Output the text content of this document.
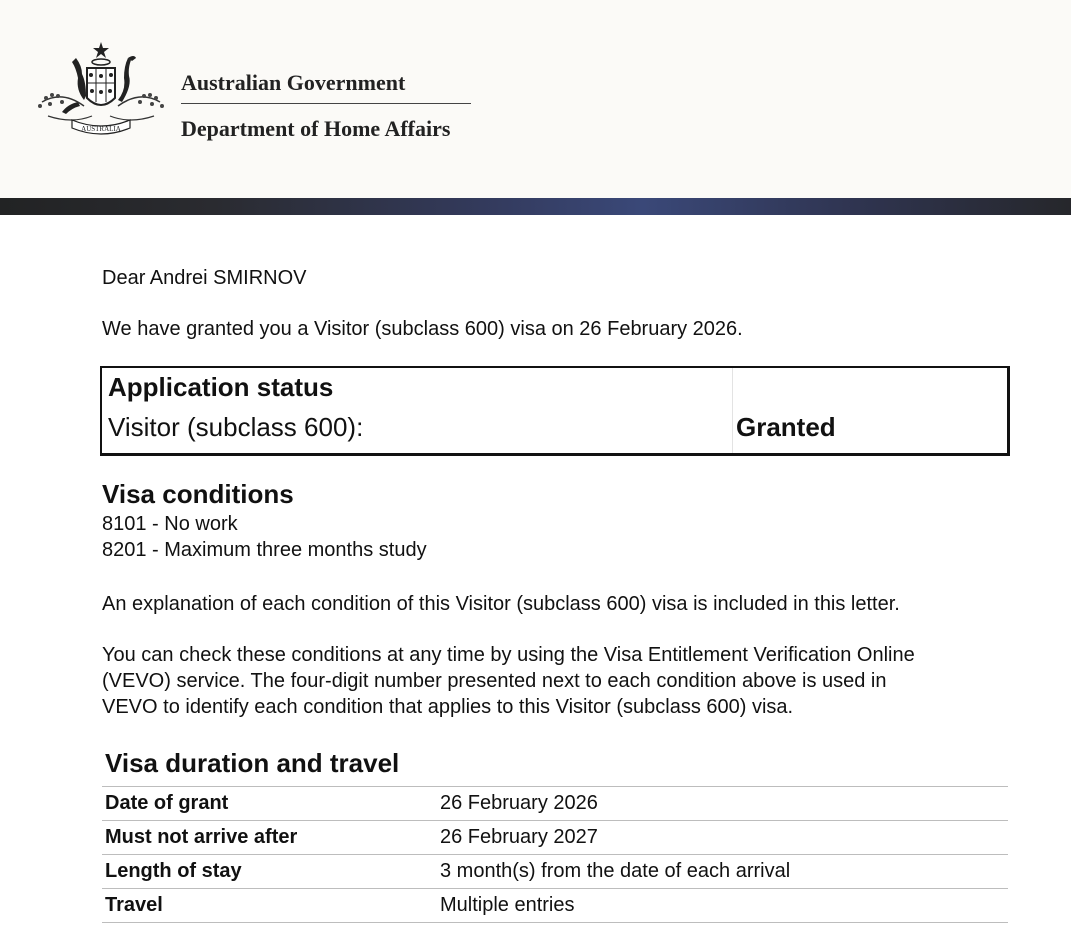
AUSTRALIA
Australian Government
Department of Home Affairs
Dear Andrei SMIRNOV
We have granted you a Visitor (subclass 600) visa on 26 February 2026.
Application status
Visitor (subclass 600):	Granted
Visa conditions
8101 - No work
8201 - Maximum three months study
An explanation of each condition of this Visitor (subclass 600) visa is included in this letter.
You can check these conditions at any time by using the Visa Entitlement Verification Online
(VEVO) service. The four-digit number presented next to each condition above is used in
VEVO to identify each condition that applies to this Visitor (subclass 600) visa.
Visa duration and travel
Date of grant	26 February 2026
Must not arrive after	26 February 2027
Length of stay	3 month(s) from the date of each arrival
Travel	Multiple entries
